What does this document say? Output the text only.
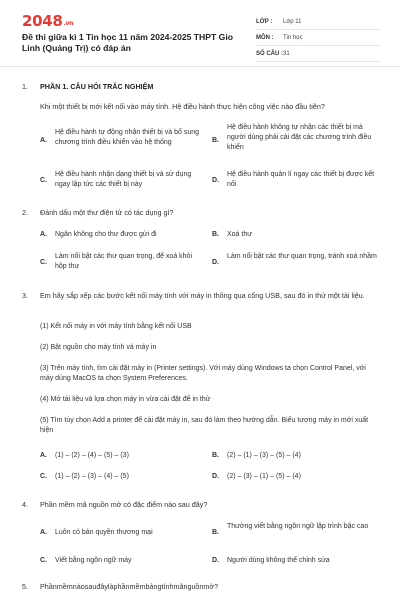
2048.vn
Đề thi giữa kì 1 Tin học 11 năm 2024-2025 THPT Gio Linh (Quảng Trị) có đáp án
LỚP :	Lớp 11
MÔN :	Tin học
SỐ CÂU : 31
1.	PHẦN 1. CÂU HỎI TRẮC NGHIỆM
Khi một thiết bị mới kết nối vào máy tính. Hệ điều hành thực hiện công việc nào đầu tiên?
A.
Hệ điều hành tự động nhận thiết bị và bổ sung chương trình điều khiển vào hệ thống	B.
Hệ điều hành không tự nhận các thiết bị mà người dùng phải cài đặt các chương trình điều khiển
C.
Hệ điều hành nhận dạng thiết bị và sử dụng ngay lập tức các thiết bị này
D.
Hệ điều hành quản lí ngay các thiết bị được kết nối
2.	Đánh dấu một thư điện tử có tác dụng gì?
A. Ngăn không cho thư được gửi đi	B. Xoá thư
C.
Làm nổi bật các thư quan trọng, để xoá khỏi hộp thư
D.
Làm nổi bật các thư quan trọng, tránh xoá nhầm
3.	Em hãy sắp xếp các bước kết nối máy tính với máy in thông qua cổng USB, sau đó in thử một tài liệu.
(1) Kết nối máy in với máy tính bằng kết nối USB
(2) Bật nguồn cho máy tính và máy in
(3) Trên máy tính, tìm cài đặt máy in (Printer settings). Với máy dùng Windows ta chọn Control Panel, với máy dùng MacOS ta chọn System Preferences.
(4) Mở tài liệu và lựa chọn máy in vừa cài đặt để in thử
(5) Tìm tùy chọn Add a printer để cài đặt máy in, sau đó làm theo hướng dẫn. Biểu tượng máy in mới xuất hiện
A. (1) – (2) – (4) – (5) – (3)	B. (2) – (1) – (3) – (5) – (4)
C. (1) – (2) – (3) – (4) – (5)	D. (2) – (3) – (1) – (5) – (4)
4.	Phần mềm mã nguồn mở có đặc điểm nào sau đây?
A. Luôn có bản quyền thương mại	B.
Thường viết bằng ngôn ngữ lập trình bậc cao
C. Viết bằng ngôn ngữ máy	D. Người dùng không thể chỉnh sửa
5.	Phầnmềmnàosauđâylàphầnmềmbảngtínhmãnguồnmở?
